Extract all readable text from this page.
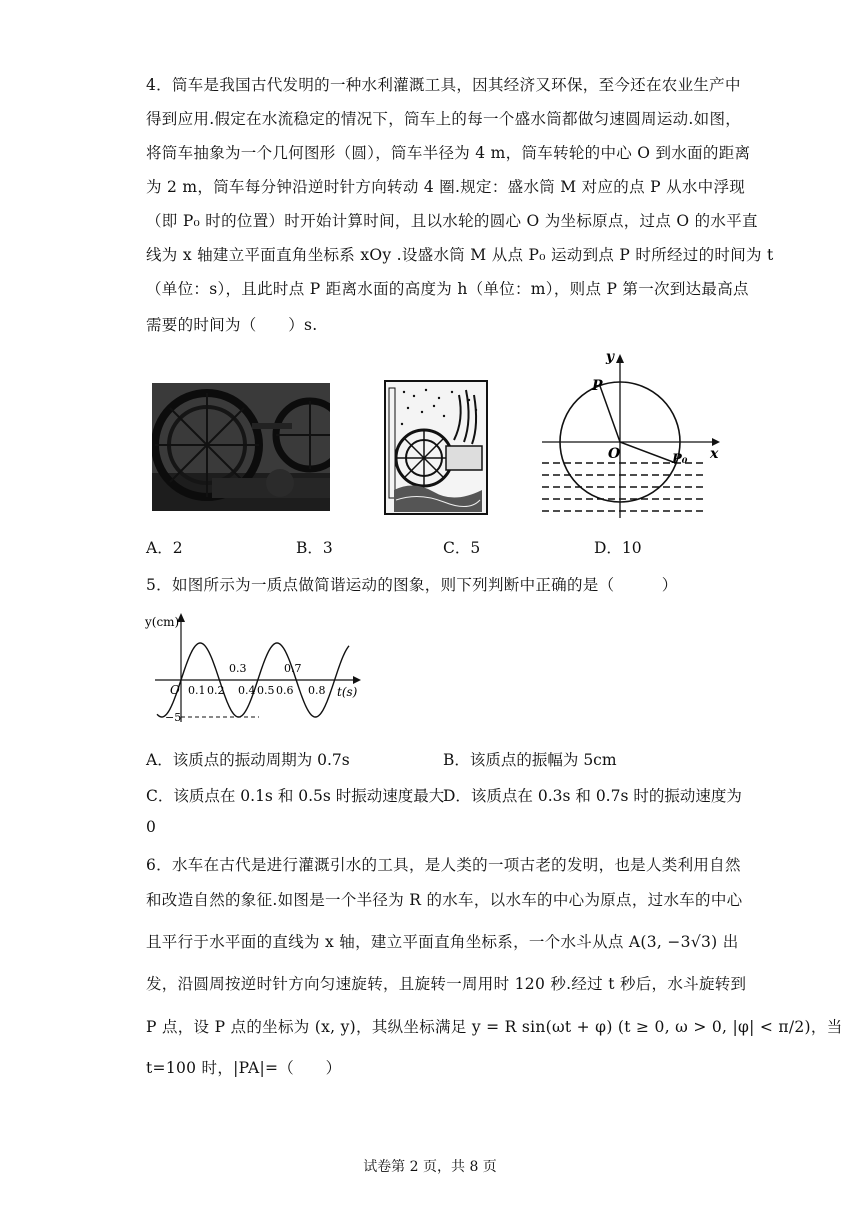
4．筒车是我国古代发明的一种水利灌溉工具，因其经济又环保，至今还在农业生产中
得到应用.假定在水流稳定的情况下，筒车上的每一个盛水筒都做匀速圆周运动.如图，
将筒车抽象为一个几何图形（圆），筒车半径为 4 m，筒车转轮的中心 O 到水面的距离
为 2 m，筒车每分钟沿逆时针方向转动 4 圈.规定：盛水筒 M 对应的点 P 从水中浮现
（即 P₀ 时的位置）时开始计算时间，且以水轮的圆心 O 为坐标原点，过点 O 的水平直
线为 x 轴建立平面直角坐标系 xOy .设盛水筒 M 从点 P₀ 运动到点 P 时所经过的时间为 t
（单位：s），且此时点 P 距离水面的高度为 h（单位：m），则点 P 第一次到达最高点
需要的时间为（　　）s.
y
x
O
P
P₀
A．2	B．3	C．5	D．10
5．如图所示为一质点做简谐运动的图象，则下列判断中正确的是（　　　）
y(cm)
t(s)
O 0.1 0.2 0.4 0.5 0.6 0.8
0.3	0.7
−5
A．该质点的振动周期为 0.7s	B．该质点的振幅为 5cm
C．该质点在 0.1s 和 0.5s 时振动速度最大
D．该质点在 0.3s 和 0.7s 时的振动速度为
0
6．水车在古代是进行灌溉引水的工具，是人类的一项古老的发明，也是人类利用自然
和改造自然的象征.如图是一个半径为 R 的水车，以水车的中心为原点，过水车的中心
且平行于水平面的直线为 x 轴，建立平面直角坐标系，一个水斗从点 A(3, −3√3) 出
发，沿圆周按逆时针方向匀速旋转，且旋转一周用时 120 秒.经过 t 秒后，水斗旋转到
P 点，设 P 点的坐标为 (x, y)，其纵坐标满足 y = R sin(ωt + φ) (t ≥ 0, ω > 0, |φ| < π/2)，当
t=100 时，|PA|=（　　）
试卷第 2 页，共 8 页
